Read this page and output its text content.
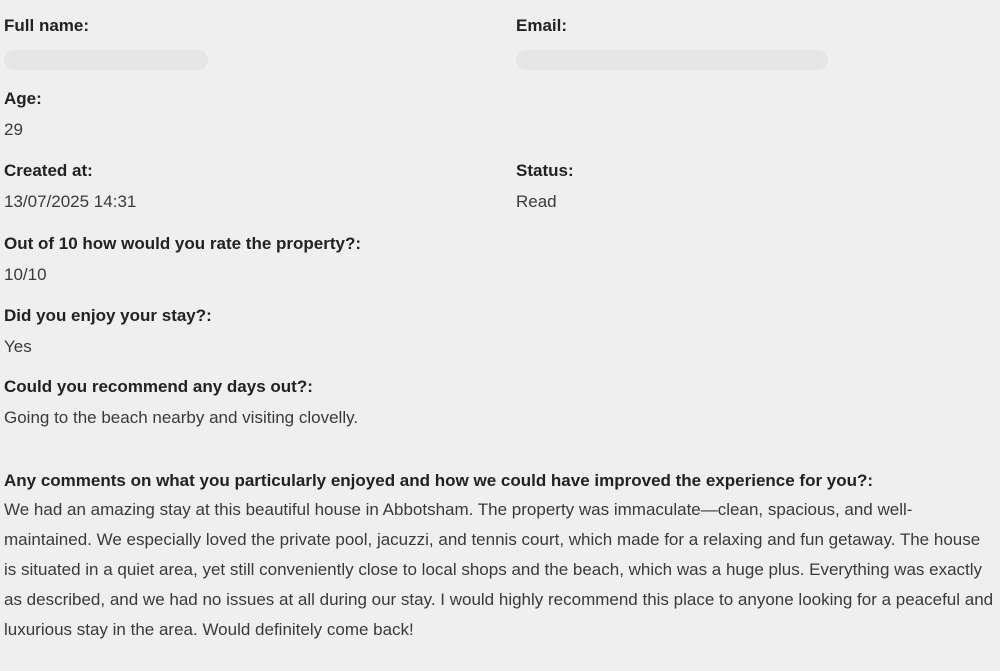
Full name:	Email:
Age:
29
Created at:
13/07/2025 14:31
Status:
Read
Out of 10 how would you rate the property?:
10/10
Did you enjoy your stay?:
Yes
Could you recommend any days out?:
Going to the beach nearby and visiting clovelly.
Any comments on what you particularly enjoyed and how we could have improved the experience for you?:
We had an amazing stay at this beautiful house in Abbotsham. The property was immaculate—clean, spacious, and well-maintained. We especially loved the private pool, jacuzzi, and tennis court, which made for a relaxing and fun getaway. The house is situated in a quiet area, yet still conveniently close to local shops and the beach, which was a huge plus. Everything was exactly as described, and we had no issues at all during our stay. I would highly recommend this place to anyone looking for a peaceful and luxurious stay in the area. Would definitely come back!
